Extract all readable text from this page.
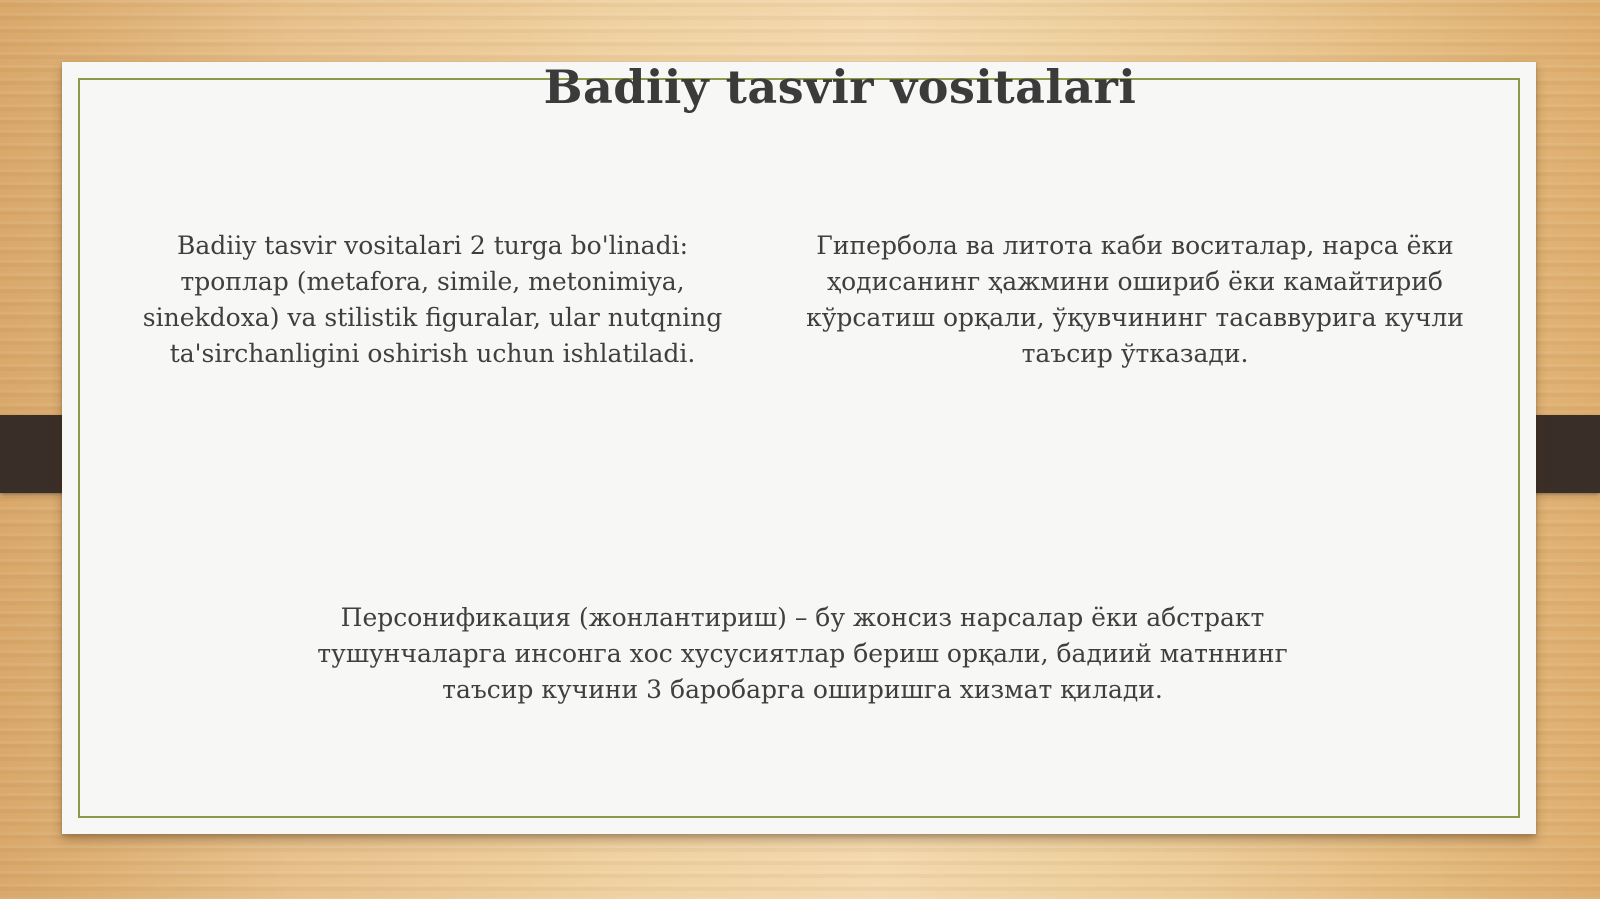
Badiiy tasvir vositalari

Badiiy tasvir vositalari 2 turga bo'linadi: троплар (metafora, simile, metonimiya, sinekdoxa) va stilistik figuralar, ular nutqning ta'sirchanligini oshirish uchun ishlatiladi.

Гипербола ва литота каби воситалар, нарса ёки ҳодисанинг ҳажмини ошириб ёки камайтириб кўрсатиш орқали, ўқувчининг тасаввурига кучли таъсир ўтказади.

Персонификация (жонлантириш) – бу жонсиз нарсалар ёки абстракт тушунчаларга инсонга хос хусусиятлар бериш орқали, бадиий матннинг таъсир кучини 3 баробарга оширишга хизмат қилади.
